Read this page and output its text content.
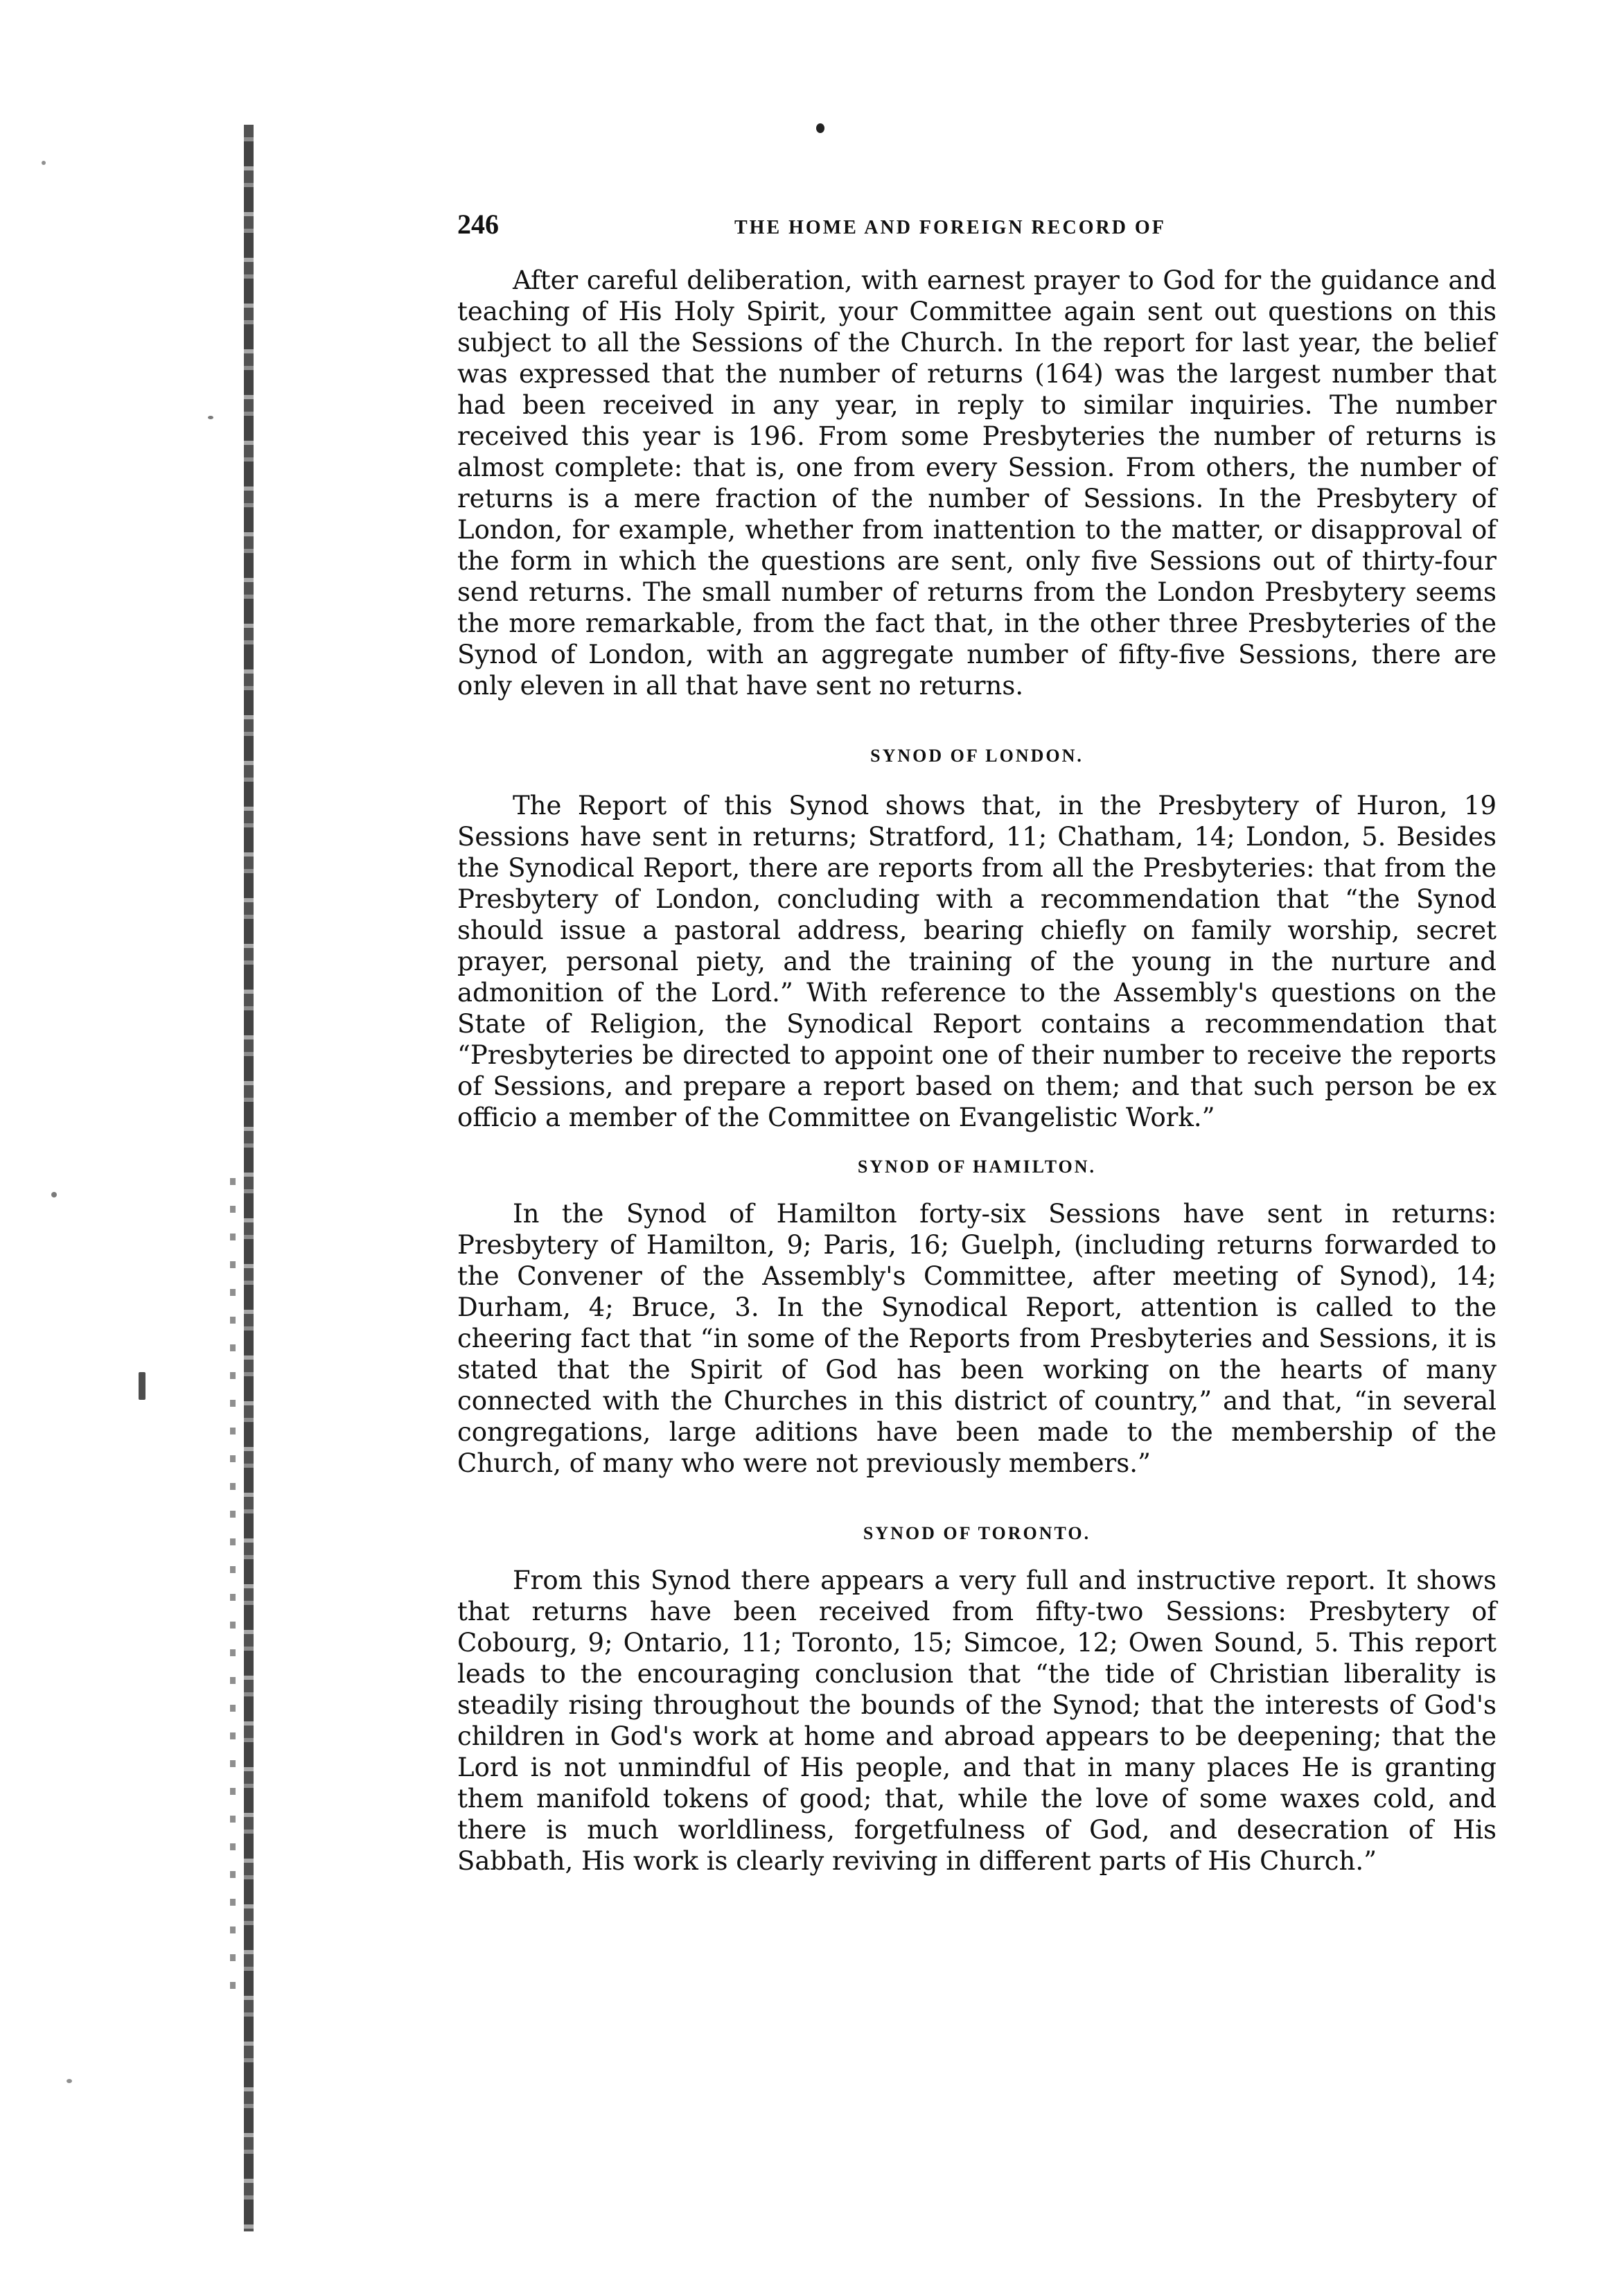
246	THE HOME AND FOREIGN RECORD OF

After careful deliberation, with earnest prayer to God for the guidance and teaching of His Holy Spirit, your Committee again sent out questions on this subject to all the Sessions of the Church. In the report for last year, the belief was expressed that the number of returns (164) was the largest number that had been received in any year, in reply to similar inquiries. The number received this year is 196. From some Presbyteries the number of returns is almost complete: that is, one from every Session. From others, the number of returns is a mere fraction of the number of Sessions. In the Presbytery of London, for example, whether from inattention to the matter, or disapproval of the form in which the questions are sent, only five Sessions out of thirty-four send returns. The small number of returns from the London Presbytery seems the more remarkable, from the fact that, in the other three Presbyteries of the Synod of London, with an aggregate number of fifty-five Sessions, there are only eleven in all that have sent no returns.

SYNOD OF LONDON.

The Report of this Synod shows that, in the Presbytery of Huron, 19 Sessions have sent in returns; Stratford, 11; Chatham, 14; London, 5. Besides the Synodical Report, there are reports from all the Presbyteries: that from the Presbytery of London, concluding with a recommendation that “the Synod should issue a pastoral address, bearing chiefly on family worship, secret prayer, personal piety, and the training of the young in the nurture and admonition of the Lord.” With reference to the Assembly's questions on the State of Religion, the Synodical Report contains a recommendation that “Presbyteries be directed to appoint one of their number to receive the reports of Sessions, and prepare a report based on them; and that such person be ex officio a member of the Committee on Evangelistic Work.”

SYNOD OF HAMILTON.

In the Synod of Hamilton forty-six Sessions have sent in returns: Presbytery of Hamilton, 9; Paris, 16; Guelph, (including returns forwarded to the Convener of the Assembly's Committee, after meeting of Synod), 14; Durham, 4; Bruce, 3. In the Synodical Report, attention is called to the cheering fact that “in some of the Reports from Presbyteries and Sessions, it is stated that the Spirit of God has been working on the hearts of many connected with the Churches in this district of country,” and that, “in several congregations, large aditions have been made to the membership of the Church, of many who were not previously members.”

SYNOD OF TORONTO.

From this Synod there appears a very full and instructive report. It shows that returns have been received from fifty-two Sessions: Presbytery of Cobourg, 9; Ontario, 11; Toronto, 15; Simcoe, 12; Owen Sound, 5. This report leads to the encouraging conclusion that “the tide of Christian liberality is steadily rising throughout the bounds of the Synod; that the interests of God's children in God's work at home and abroad appears to be deepening; that the Lord is not unmindful of His people, and that in many places He is granting them manifold tokens of good; that, while the love of some waxes cold, and there is much worldliness, forgetfulness of God, and desecration of His Sabbath, His work is clearly reviving in different parts of His Church.”
